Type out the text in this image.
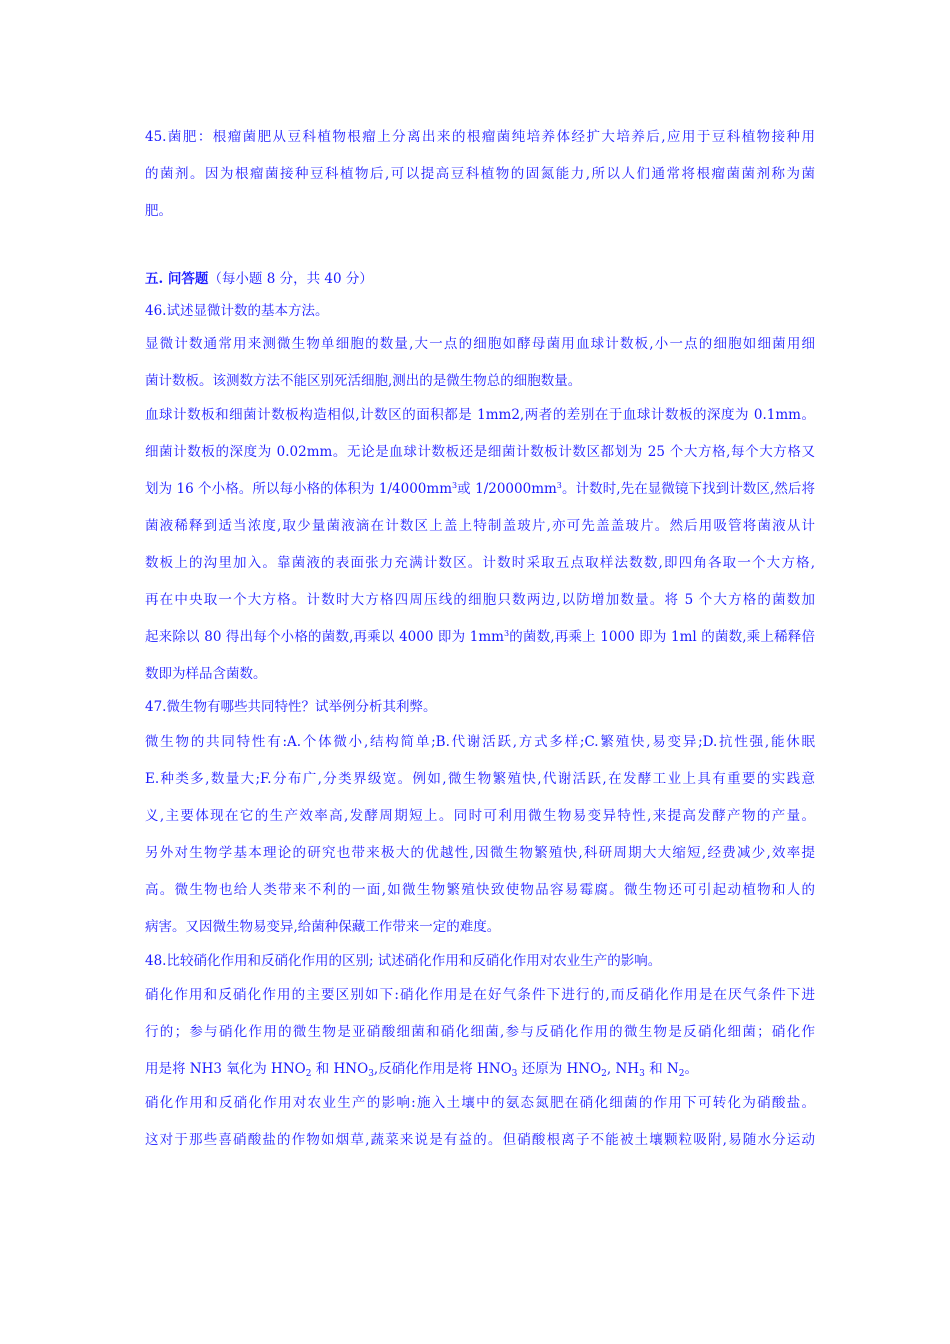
45.菌肥：根瘤菌肥从豆科植物根瘤上分离出来的根瘤菌纯培养体经扩大培养后,应用于豆科植物接种用
的菌剂。因为根瘤菌接种豆科植物后,可以提高豆科植物的固氮能力,所以人们通常将根瘤菌菌剂称为菌
肥。
五. 问答题（每小题 8 分，共 40 分）
46.试述显微计数的基本方法。
显微计数通常用来测微生物单细胞的数量,大一点的细胞如酵母菌用血球计数板,小一点的细胞如细菌用细
菌计数板。该测数方法不能区别死活细胞,测出的是微生物总的细胞数量。
血球计数板和细菌计数板构造相似,计数区的面积都是 1mm2,两者的差别在于血球计数板的深度为 0.1mm。
细菌计数板的深度为 0.02mm。无论是血球计数板还是细菌计数板计数区都划为 25 个大方格,每个大方格又
划为 16 个小格。所以每小格的体积为 $1/4000mm^3$或 $1/20000mm^3$。计数时,先在显微镜下找到计数区,然后将
菌液稀释到适当浓度,取少量菌液滴在计数区上盖上特制盖玻片,亦可先盖盖玻片。然后用吸管将菌液从计
数板上的沟里加入。靠菌液的表面张力充满计数区。计数时采取五点取样法数数,即四角各取一个大方格,
再在中央取一个大方格。计数时大方格四周压线的细胞只数两边,以防增加数量。将 5 个大方格的菌数加
起来除以 80 得出每个小格的菌数,再乘以 4000 即为 $1mm^3$的菌数,再乘上 1000 即为 1ml 的菌数,乘上稀释倍
数即为样品含菌数。
47.微生物有哪些共同特性？试举例分析其利弊。
微生物的共同特性有:A.个体微小,结构简单;B.代谢活跃,方式多样;C.繁殖快,易变异;D.抗性强,能休眠
E.种类多,数量大;F.分布广,分类界级宽。例如,微生物繁殖快,代谢活跃,在发酵工业上具有重要的实践意
义,主要体现在它的生产效率高,发酵周期短上。同时可利用微生物易变异特性,来提高发酵产物的产量。
另外对生物学基本理论的研究也带来极大的优越性,因微生物繁殖快,科研周期大大缩短,经费减少,效率提
高。微生物也给人类带来不利的一面,如微生物繁殖快致使物品容易霉腐。微生物还可引起动植物和人的
病害。又因微生物易变异,给菌种保藏工作带来一定的难度。
48.比较硝化作用和反硝化作用的区别; 试述硝化作用和反硝化作用对农业生产的影响。
硝化作用和反硝化作用的主要区别如下:硝化作用是在好气条件下进行的,而反硝化作用是在厌气条件下进
行的；参与硝化作用的微生物是亚硝酸细菌和硝化细菌,参与反硝化作用的微生物是反硝化细菌；硝化作
用是将 NH3 氧化为 $HNO_2$ 和 $HNO_3$,反硝化作用是将 $HNO_3$ 还原为 $HNO_2$, $NH_3$ 和 $N_2$。
硝化作用和反硝化作用对农业生产的影响:施入土壤中的氨态氮肥在硝化细菌的作用下可转化为硝酸盐。
这对于那些喜硝酸盐的作物如烟草,蔬菜来说是有益的。但硝酸根离子不能被土壤颗粒吸附,易随水分运动
